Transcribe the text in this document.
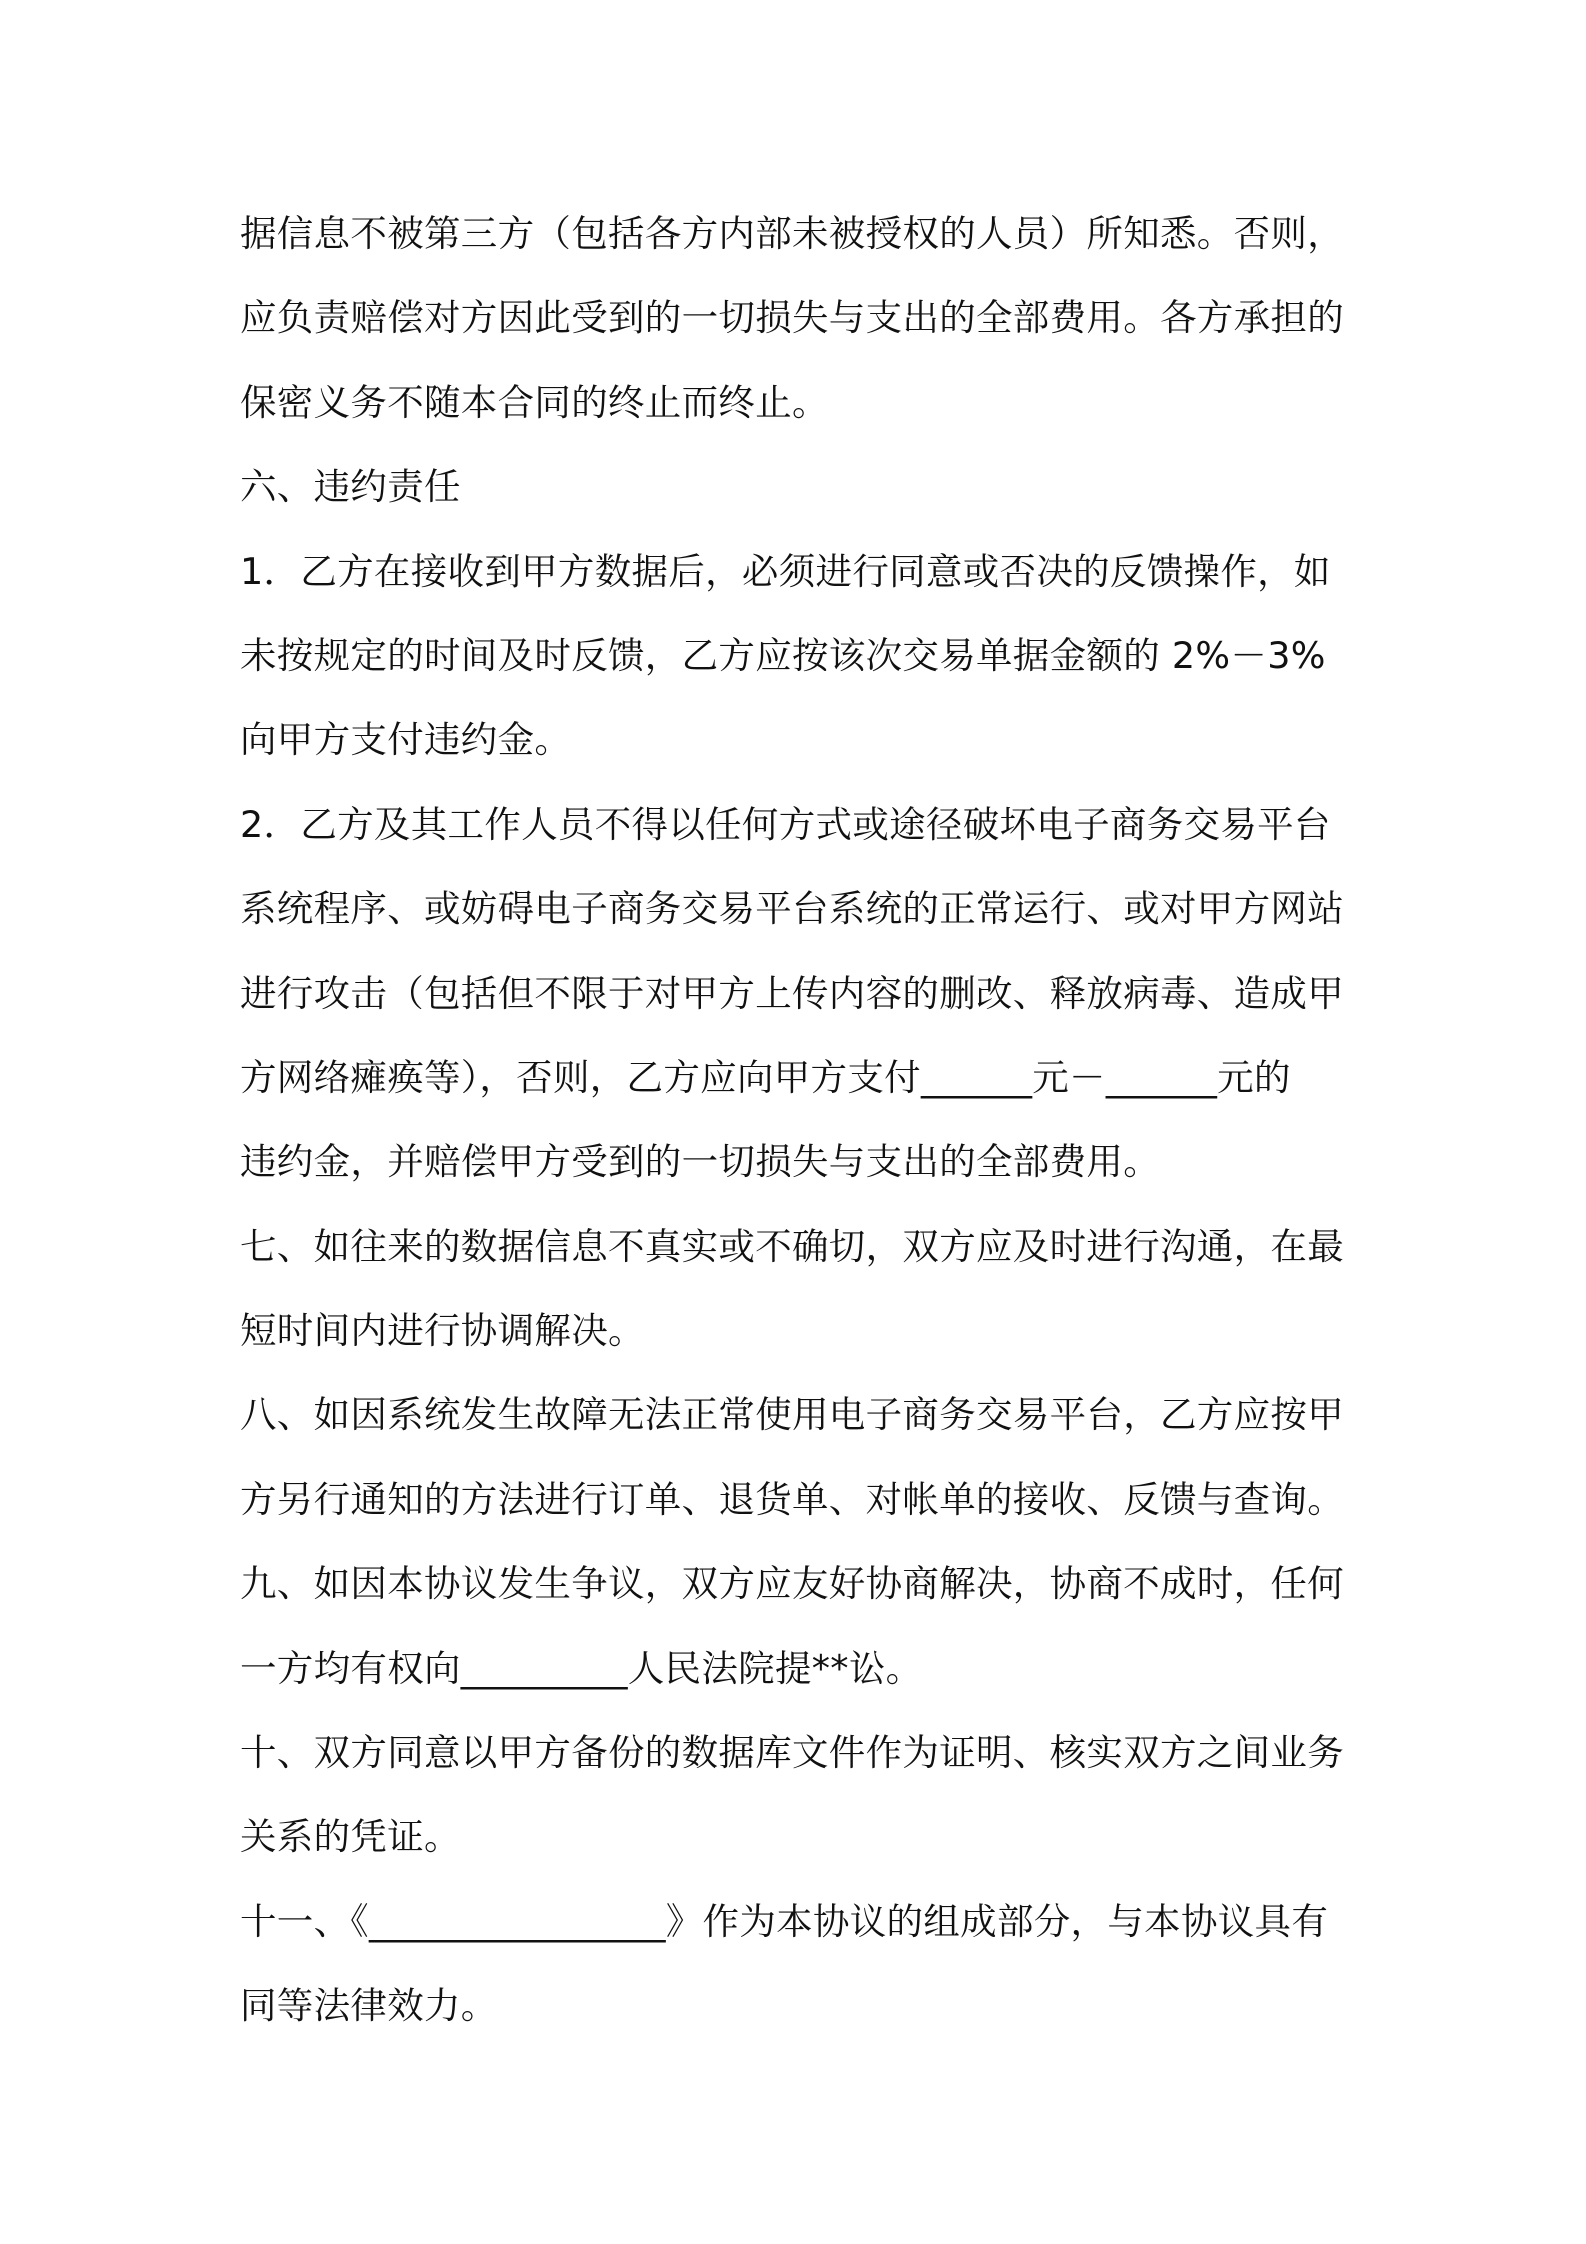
据信息不被第三方（包括各方内部未被授权的人员）所知悉。否则，
应负责赔偿对方因此受到的一切损失与支出的全部费用。各方承担的
保密义务不随本合同的终止而终止。
六、违约责任
1．乙方在接收到甲方数据后，必须进行同意或否决的反馈操作，如
未按规定的时间及时反馈，乙方应按该次交易单据金额的 2%－3%
向甲方支付违约金。
2．乙方及其工作人员不得以任何方式或途径破坏电子商务交易平台
系统程序、或妨碍电子商务交易平台系统的正常运行、或对甲方网站
进行攻击（包括但不限于对甲方上传内容的删改、释放病毒、造成甲
方网络瘫痪等），否则，乙方应向甲方支付______元－______元的
违约金，并赔偿甲方受到的一切损失与支出的全部费用。
七、如往来的数据信息不真实或不确切，双方应及时进行沟通，在最
短时间内进行协调解决。
八、如因系统发生故障无法正常使用电子商务交易平台，乙方应按甲
方另行通知的方法进行订单、退货单、对帐单的接收、反馈与查询。
九、如因本协议发生争议，双方应友好协商解决，协商不成时，任何
一方均有权向_________人民法院提**讼。
十、双方同意以甲方备份的数据库文件作为证明、核实双方之间业务
关系的凭证。
十一、《________________》作为本协议的组成部分，与本协议具有
同等法律效力。
